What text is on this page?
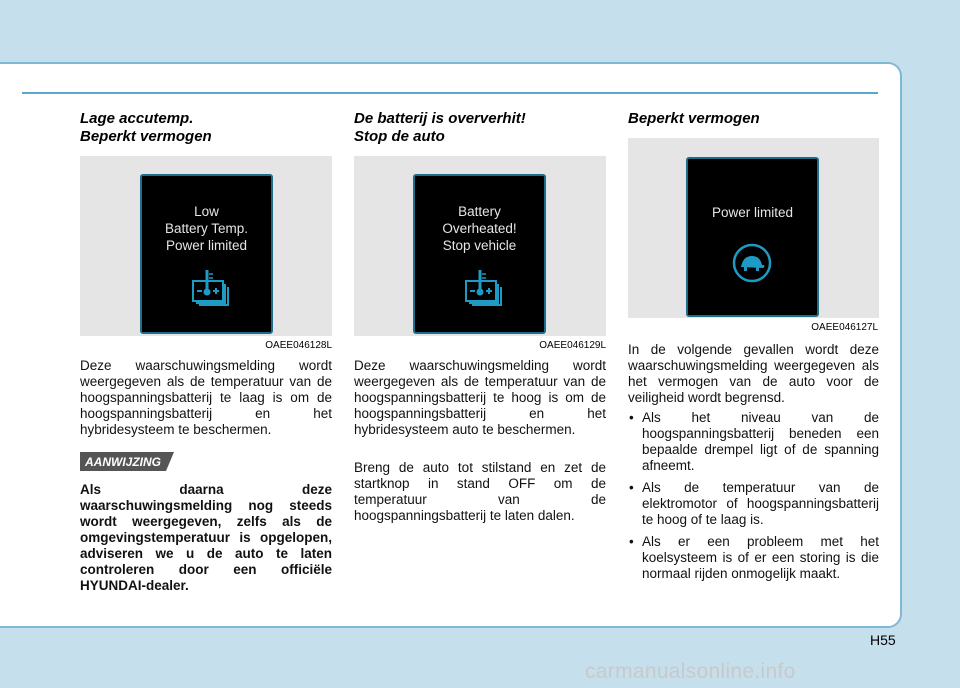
Lage accutemp.
Beperkt vermogen

Low
Battery Temp.
Power limited
OAEE046128L

Deze waarschuwingsmelding wordt weergegeven als de temperatuur van de hoogspanningsbatterij te laag is om de hoogspanningsbatterij en het hybridesysteem te beschermen.

AANWIJZING

Als daarna deze waarschuwingsmelding nog steeds wordt weergegeven, zelfs als de omgevingstemperatuur is opgelopen, adviseren we u de auto te laten controleren door een officiële HYUNDAI-dealer.

De batterij is oververhit!
Stop de auto

Battery
Overheated!
Stop vehicle
OAEE046129L

Deze waarschuwingsmelding wordt weergegeven als de temperatuur van de hoogspanningsbatterij te hoog is om de hoogspanningsbatterij en het hybridesysteem auto te beschermen.

Breng de auto tot stilstand en zet de startknop in stand OFF om de temperatuur van de hoogspanningsbatterij te laten dalen.

Beperkt vermogen

Power limited
OAEE046127L

In de volgende gevallen wordt deze waarschuwingsmelding weergegeven als het vermogen van de auto voor de veiligheid wordt begrensd.

• Als het niveau van de hoogspanningsbatterij beneden een bepaalde drempel ligt of de spanning afneemt.
• Als de temperatuur van de elektromotor of hoogspanningsbatterij te hoog of te laag is.
• Als er een probleem met het koelsysteem is of er een storing is die normaal rijden onmogelijk maakt.
H55
carmanualsonline.info
